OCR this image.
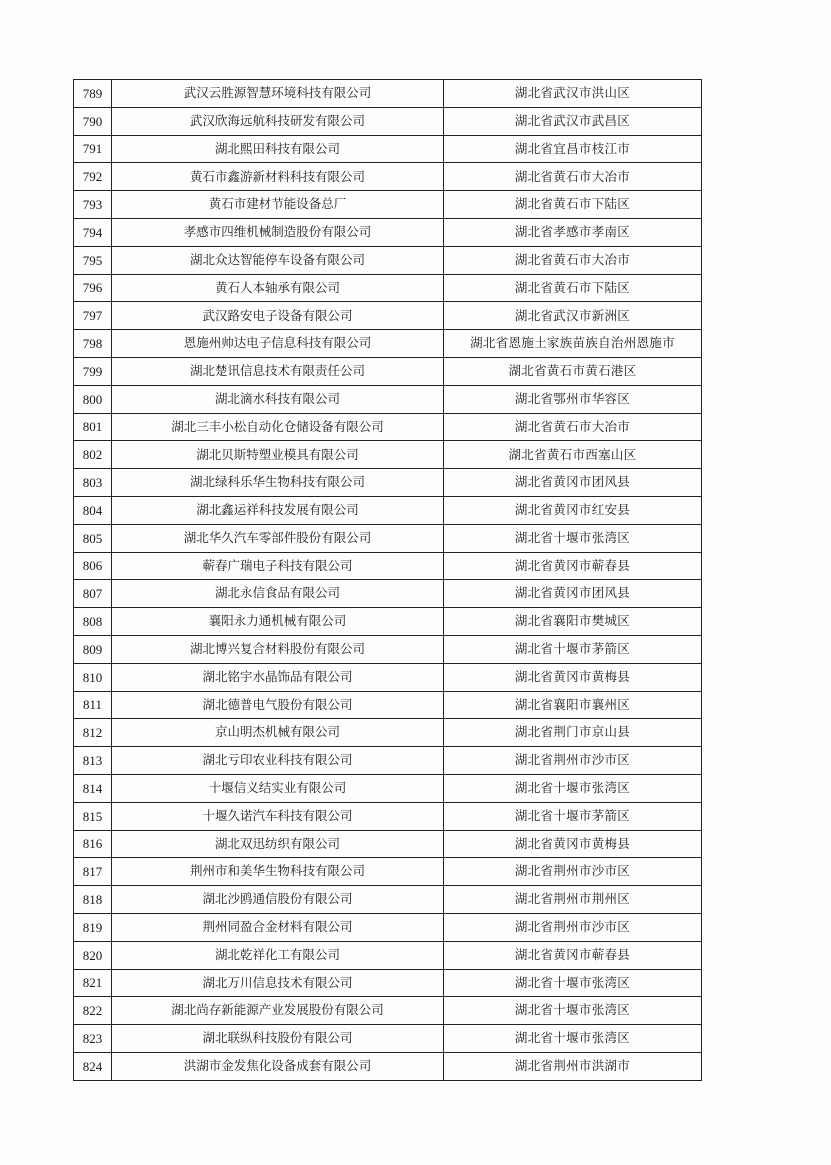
789	武汉云胜源智慧环境科技有限公司	湖北省武汉市洪山区
790	武汉欣海远航科技研发有限公司	湖北省武汉市武昌区
791	湖北熙田科技有限公司	湖北省宜昌市枝江市
792	黄石市鑫游新材料科技有限公司	湖北省黄石市大冶市
793	黄石市建材节能设备总厂	湖北省黄石市下陆区
794	孝感市四维机械制造股份有限公司	湖北省孝感市孝南区
795	湖北众达智能停车设备有限公司	湖北省黄石市大冶市
796	黄石人本轴承有限公司	湖北省黄石市下陆区
797	武汉路安电子设备有限公司	湖北省武汉市新洲区
798	恩施州帅达电子信息科技有限公司	湖北省恩施土家族苗族自治州恩施市
799	湖北楚讯信息技术有限责任公司	湖北省黄石市黄石港区
800	湖北滴水科技有限公司	湖北省鄂州市华容区
801	湖北三丰小松自动化仓储设备有限公司	湖北省黄石市大冶市
802	湖北贝斯特塑业模具有限公司	湖北省黄石市西塞山区
803	湖北绿科乐华生物科技有限公司	湖北省黄冈市团风县
804	湖北鑫运祥科技发展有限公司	湖北省黄冈市红安县
805	湖北华久汽车零部件股份有限公司	湖北省十堰市张湾区
806	蕲春广瑞电子科技有限公司	湖北省黄冈市蕲春县
807	湖北永信食品有限公司	湖北省黄冈市团风县
808	襄阳永力通机械有限公司	湖北省襄阳市樊城区
809	湖北博兴复合材料股份有限公司	湖北省十堰市茅箭区
810	湖北铭宇水晶饰品有限公司	湖北省黄冈市黄梅县
811	湖北德普电气股份有限公司	湖北省襄阳市襄州区
812	京山明杰机械有限公司	湖北省荆门市京山县
813	湖北亏印农业科技有限公司	湖北省荆州市沙市区
814	十堰信义结实业有限公司	湖北省十堰市张湾区
815	十堰久诺汽车科技有限公司	湖北省十堰市茅箭区
816	湖北双迅纺织有限公司	湖北省黄冈市黄梅县
817	荆州市和美华生物科技有限公司	湖北省荆州市沙市区
818	湖北沙鸥通信股份有限公司	湖北省荆州市荆州区
819	荆州同盈合金材料有限公司	湖北省荆州市沙市区
820	湖北乾祥化工有限公司	湖北省黄冈市蕲春县
821	湖北万川信息技术有限公司	湖北省十堰市张湾区
822	湖北尚存新能源产业发展股份有限公司	湖北省十堰市张湾区
823	湖北联纵科技股份有限公司	湖北省十堰市张湾区
824	洪湖市金发焦化设备成套有限公司	湖北省荆州市洪湖市
